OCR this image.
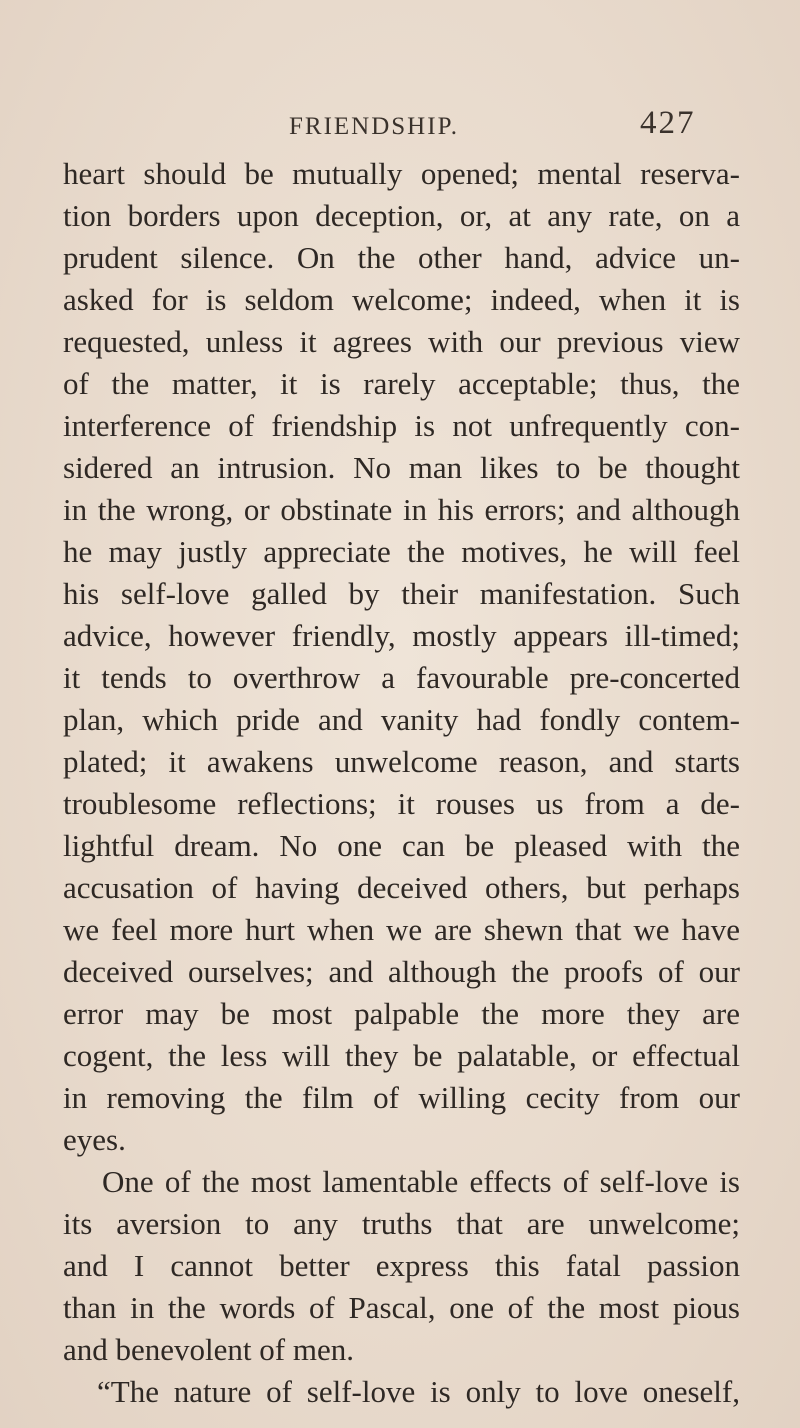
FRIENDSHIP.	427
heart should be mutually opened; mental reserva-
tion borders upon deception, or, at any rate, on a
prudent silence. On the other hand, advice un-
asked for is seldom welcome; indeed, when it is
requested, unless it agrees with our previous view
of the matter, it is rarely acceptable; thus, the
interference of friendship is not unfrequently con-
sidered an intrusion. No man likes to be thought
in the wrong, or obstinate in his errors; and although
he may justly appreciate the motives, he will feel
his self-love galled by their manifestation. Such
advice, however friendly, mostly appears ill-timed;
it tends to overthrow a favourable pre-concerted
plan, which pride and vanity had fondly contem-
plated; it awakens unwelcome reason, and starts
troublesome reflections; it rouses us from a de-
lightful dream. No one can be pleased with the
accusation of having deceived others, but perhaps
we feel more hurt when we are shewn that we have
deceived ourselves; and although the proofs of our
error may be most palpable the more they are
cogent, the less will they be palatable, or effectual
in removing the film of willing cecity from our
eyes.
One of the most lamentable effects of self-love is
its aversion to any truths that are unwelcome;
and I cannot better express this fatal passion
than in the words of Pascal, one of the most pious
and benevolent of men.
“The nature of self-love is only to love oneself,
